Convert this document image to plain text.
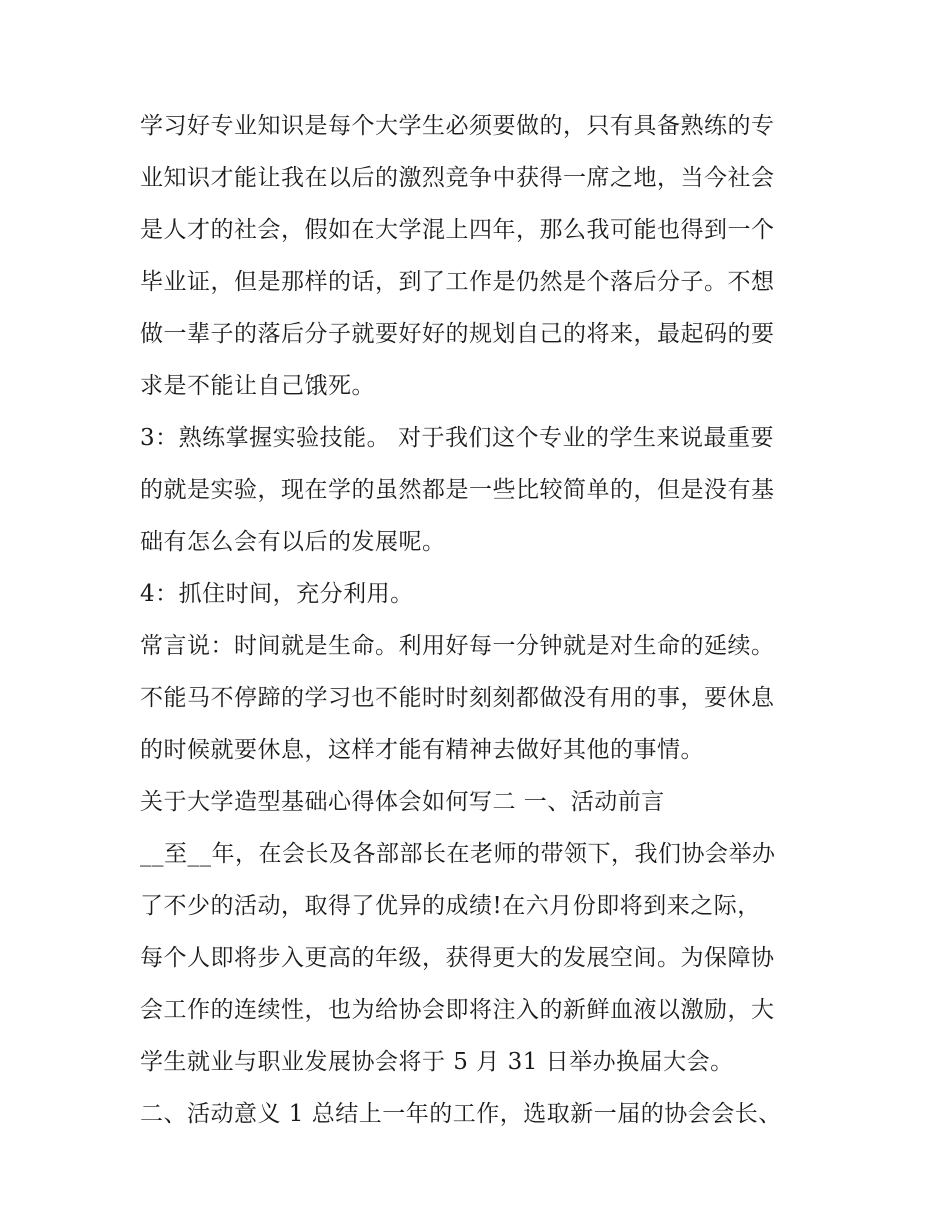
学习好专业知识是每个大学生必须要做的，只有具备熟练的专
业知识才能让我在以后的激烈竞争中获得一席之地，当今社会
是人才的社会，假如在大学混上四年，那么我可能也得到一个
毕业证，但是那样的话，到了工作是仍然是个落后分子。不想
做一辈子的落后分子就要好好的规划自己的将来，最起码的要
求是不能让自己饿死。
3：熟练掌握实验技能。 对于我们这个专业的学生来说最重要
的就是实验，现在学的虽然都是一些比较简单的，但是没有基
础有怎么会有以后的发展呢。
4：抓住时间，充分利用。
常言说：时间就是生命。利用好每一分钟就是对生命的延续。
不能马不停蹄的学习也不能时时刻刻都做没有用的事，要休息
的时候就要休息，这样才能有精神去做好其他的事情。
关于大学造型基础心得体会如何写二 一、活动前言
__至__年，在会长及各部部长在老师的带领下，我们协会举办
了不少的活动，取得了优异的成绩!在六月份即将到来之际，
每个人即将步入更高的年级，获得更大的发展空间。为保障协
会工作的连续性，也为给协会即将注入的新鲜血液以激励，大
学生就业与职业发展协会将于 5 月 31 日举办换届大会。
二、活动意义 1 总结上一年的工作，选取新一届的协会会长、
